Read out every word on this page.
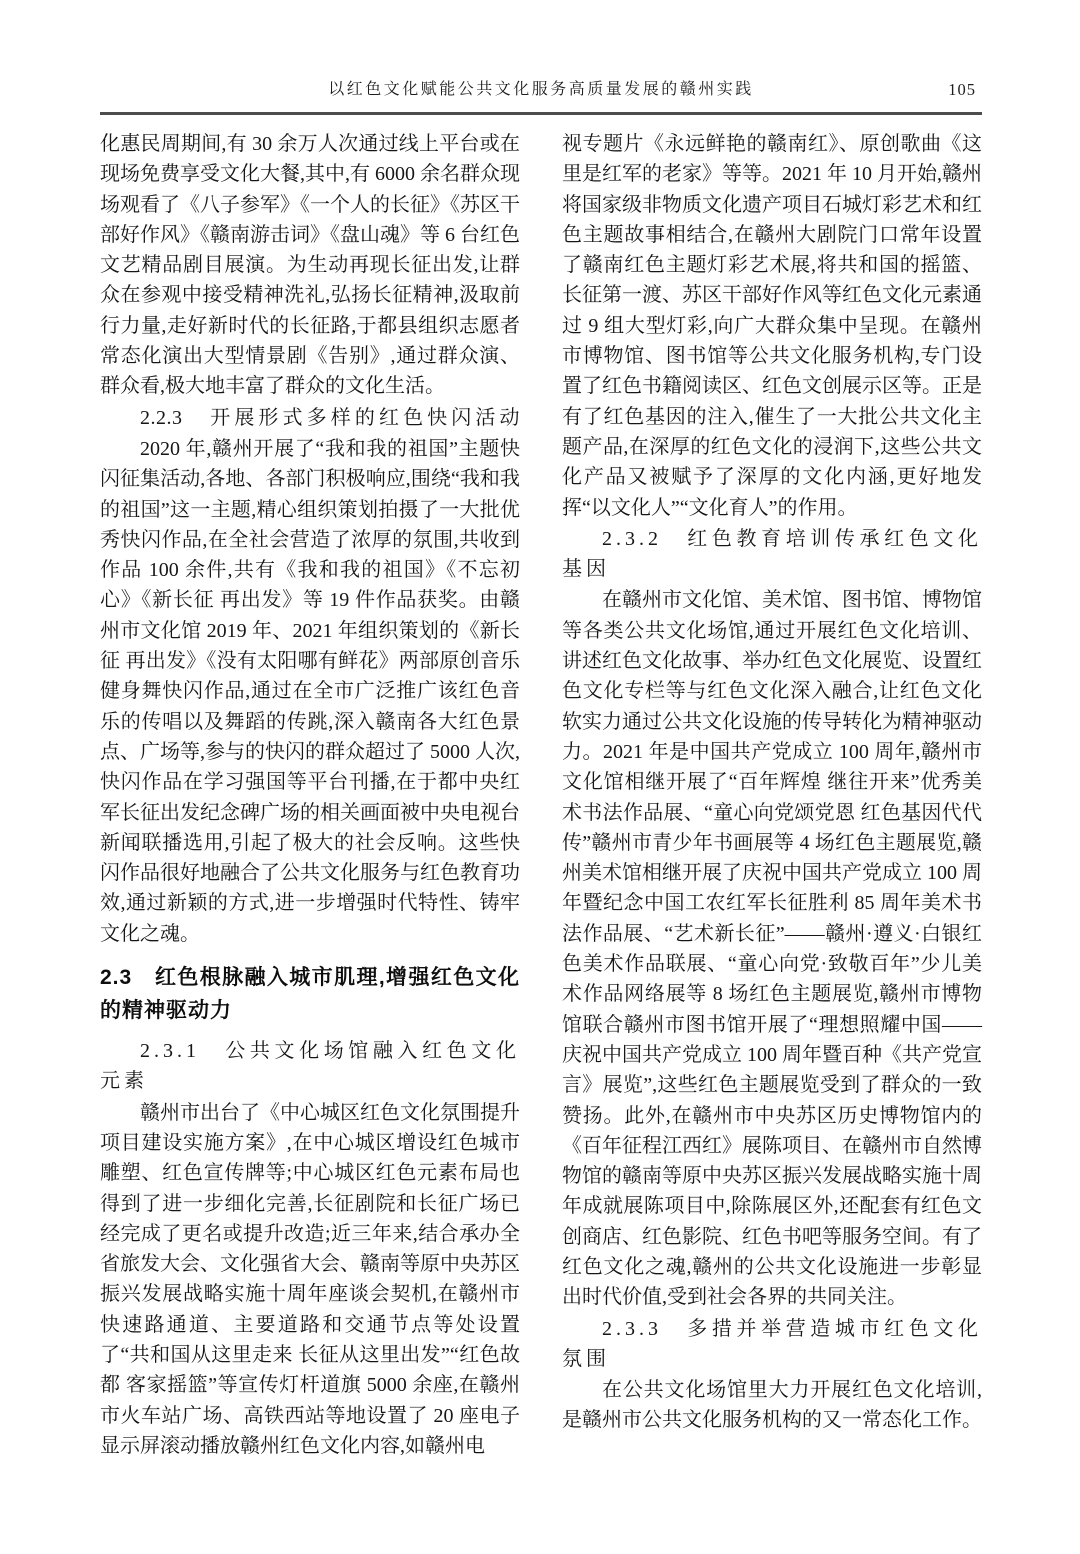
以红色文化赋能公共文化服务高质量发展的赣州实践	105

化惠民周期间,有 30 余万人次通过线上平台或在现场免费享受文化大餐,其中,有 6000 余名群众现场观看了《八子参军》《一个人的长征》《苏区干部好作风》《赣南游击词》《盘山魂》等 6 台红色文艺精品剧目展演。为生动再现长征出发,让群众在参观中接受精神洗礼,弘扬长征精神,汲取前行力量,走好新时代的长征路,于都县组织志愿者常态化演出大型情景剧《告别》,通过群众演、群众看,极大地丰富了群众的文化生活。

2.2.3　开展形式多样的红色快闪活动

2020 年,赣州开展了“我和我的祖国”主题快闪征集活动,各地、各部门积极响应,围绕“我和我的祖国”这一主题,精心组织策划拍摄了一大批优秀快闪作品,在全社会营造了浓厚的氛围,共收到作品 100 余件,共有《我和我的祖国》《不忘初心》《新长征 再出发》等 19 件作品获奖。由赣州市文化馆 2019 年、2021 年组织策划的《新长征 再出发》《没有太阳哪有鲜花》两部原创音乐健身舞快闪作品,通过在全市广泛推广该红色音乐的传唱以及舞蹈的传跳,深入赣南各大红色景点、广场等,参与的快闪的群众超过了 5000 人次,快闪作品在学习强国等平台刊播,在于都中央红军长征出发纪念碑广场的相关画面被中央电视台新闻联播选用,引起了极大的社会反响。这些快闪作品很好地融合了公共文化服务与红色教育功效,通过新颖的方式,进一步增强时代特性、铸牢文化之魂。

2.3　红色根脉融入城市肌理,增强红色文化的精神驱动力

2.3.1　公共文化场馆融入红色文化元素

赣州市出台了《中心城区红色文化氛围提升项目建设实施方案》,在中心城区增设红色城市雕塑、红色宣传牌等;中心城区红色元素布局也得到了进一步细化完善,长征剧院和长征广场已经完成了更名或提升改造;近三年来,结合承办全省旅发大会、文化强省大会、赣南等原中央苏区振兴发展战略实施十周年座谈会契机,在赣州市快速路通道、主要道路和交通节点等处设置了“共和国从这里走来 长征从这里出发”“红色故都 客家摇篮”等宣传灯杆道旗 5000 余座,在赣州市火车站广场、高铁西站等地设置了 20 座电子显示屏滚动播放赣州红色文化内容,如赣州电

视专题片《永远鲜艳的赣南红》、原创歌曲《这里是红军的老家》等等。2021 年 10 月开始,赣州将国家级非物质文化遗产项目石城灯彩艺术和红色主题故事相结合,在赣州大剧院门口常年设置了赣南红色主题灯彩艺术展,将共和国的摇篮、长征第一渡、苏区干部好作风等红色文化元素通过 9 组大型灯彩,向广大群众集中呈现。在赣州市博物馆、图书馆等公共文化服务机构,专门设置了红色书籍阅读区、红色文创展示区等。正是有了红色基因的注入,催生了一大批公共文化主题产品,在深厚的红色文化的浸润下,这些公共文化产品又被赋予了深厚的文化内涵,更好地发挥“以文化人”“文化育人”的作用。

2.3.2　红色教育培训传承红色文化基因

在赣州市文化馆、美术馆、图书馆、博物馆等各类公共文化场馆,通过开展红色文化培训、讲述红色文化故事、举办红色文化展览、设置红色文化专栏等与红色文化深入融合,让红色文化软实力通过公共文化设施的传导转化为精神驱动力。2021 年是中国共产党成立 100 周年,赣州市文化馆相继开展了“百年辉煌 继往开来”优秀美术书法作品展、“童心向党颂党恩 红色基因代代传”赣州市青少年书画展等 4 场红色主题展览,赣州美术馆相继开展了庆祝中国共产党成立 100 周年暨纪念中国工农红军长征胜利 85 周年美术书法作品展、“艺术新长征”——赣州·遵义·白银红色美术作品联展、“童心向党·致敬百年”少儿美术作品网络展等 8 场红色主题展览,赣州市博物馆联合赣州市图书馆开展了“理想照耀中国——庆祝中国共产党成立 100 周年暨百种《共产党宣言》展览”,这些红色主题展览受到了群众的一致赞扬。此外,在赣州市中央苏区历史博物馆内的《百年征程江西红》展陈项目、在赣州市自然博物馆的赣南等原中央苏区振兴发展战略实施十周年成就展陈项目中,除陈展区外,还配套有红色文创商店、红色影院、红色书吧等服务空间。有了红色文化之魂,赣州的公共文化设施进一步彰显出时代价值,受到社会各界的共同关注。

2.3.3　多措并举营造城市红色文化氛围

在公共文化场馆里大力开展红色文化培训,是赣州市公共文化服务机构的又一常态化工作。
